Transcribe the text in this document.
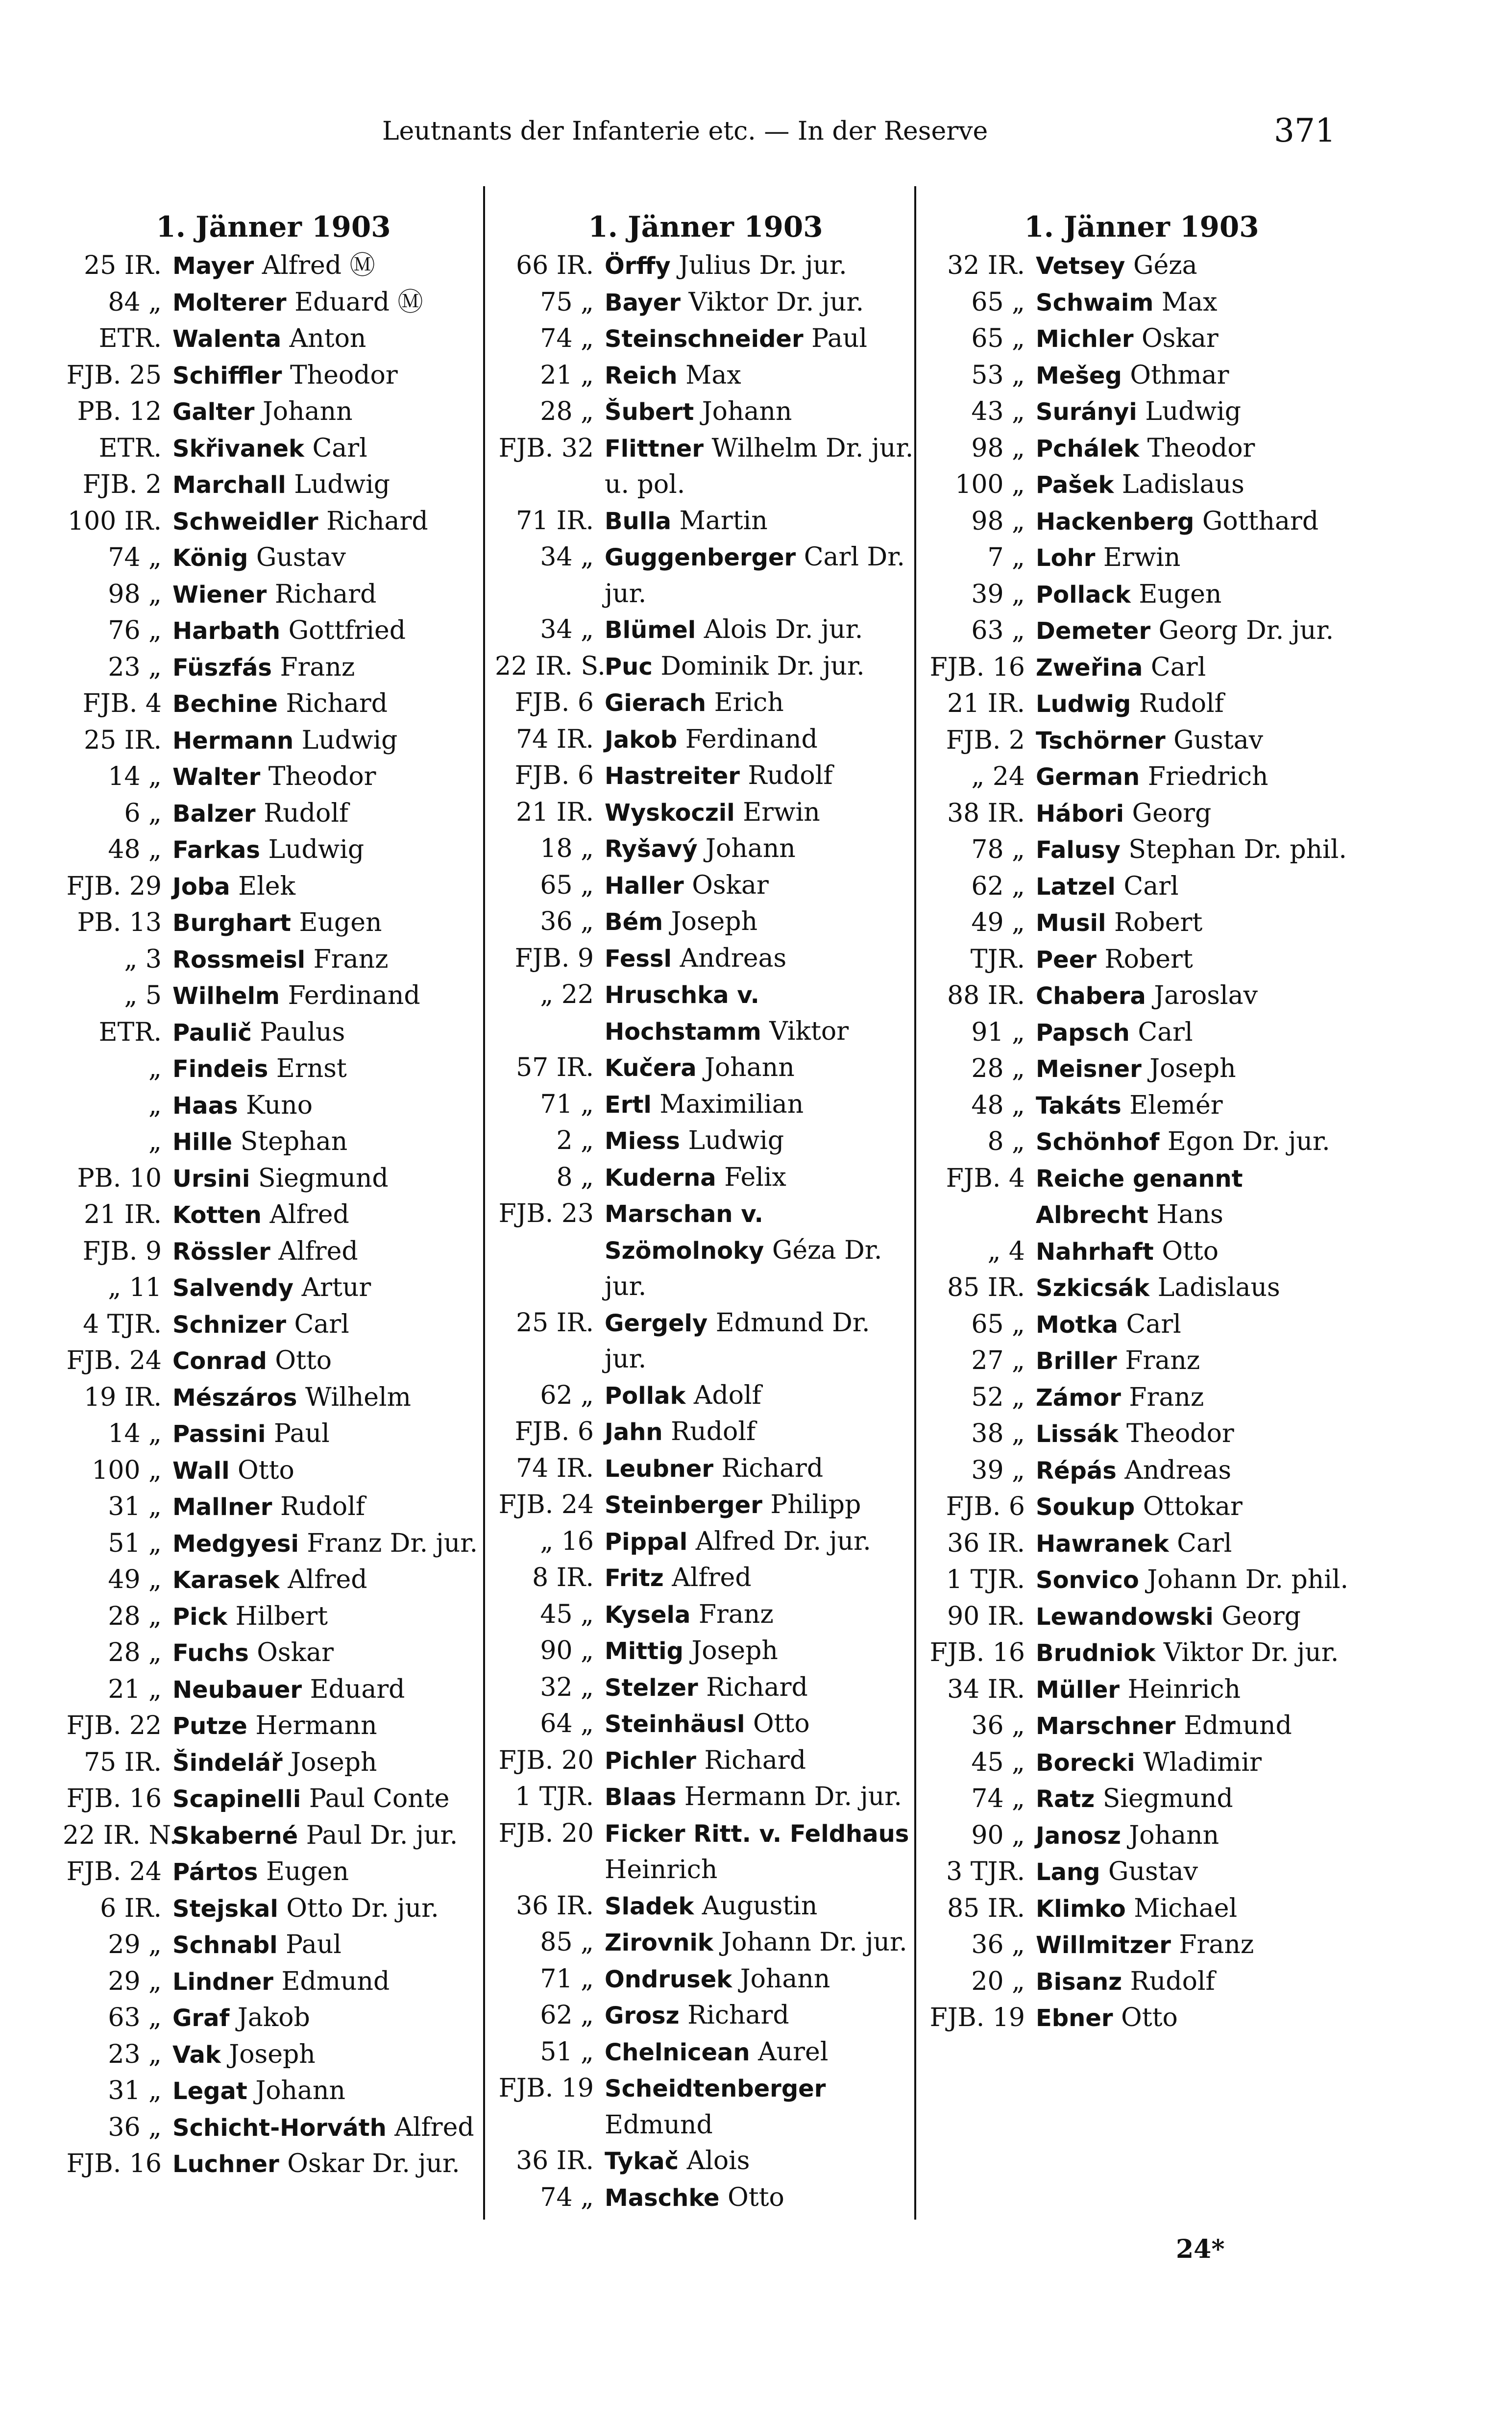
Leutnants der Infanterie etc. — In der Reserve	371
1. Jänner 1903
25 IR. Mayer Alfred Ⓜ
84 „ Molterer Eduard Ⓜ
ETR. Walenta Anton
FJB. 25 Schiffler Theodor
PB. 12 Galter Johann
ETR. Skřivanek Carl
FJB. 2 Marchall Ludwig
100 IR. Schweidler Richard
74 „ König Gustav
98 „ Wiener Richard
76 „ Harbath Gottfried
23 „ Füszfás Franz
FJB. 4 Bechine Richard
25 IR. Hermann Ludwig
14 „ Walter Theodor
6 „ Balzer Rudolf
48 „ Farkas Ludwig
FJB. 29 Joba Elek
PB. 13 Burghart Eugen
„ 3 Rossmeisl Franz
„ 5 Wilhelm Ferdinand
ETR. Paulič Paulus
„ Findeis Ernst
„ Haas Kuno
„ Hille Stephan
PB. 10 Ursini Siegmund
21 IR. Kotten Alfred
FJB. 9 Rössler Alfred
„ 11 Salvendy Artur
4 TJR. Schnizer Carl
FJB. 24 Conrad Otto
19 IR. Mészáros Wilhelm
14 „ Passini Paul
100 „ Wall Otto
31 „ Mallner Rudolf
51 „ Medgyesi Franz Dr. jur.
49 „ Karasek Alfred
28 „ Pick Hilbert
28 „ Fuchs Oskar
21 „ Neubauer Eduard
FJB. 22 Putze Hermann
75 IR. Šindelář Joseph
FJB. 16 Scapinelli Paul Conte
22 IR. N.
Skaberné Paul Dr. jur.
FJB. 24 Pártos Eugen
6 IR. Stejskal Otto Dr. jur.
29 „ Schnabl Paul
29 „ Lindner Edmund
63 „ Graf Jakob
23 „ Vak Joseph
31 „ Legat Johann
36 „ Schicht-Horváth Alfred
FJB. 16 Luchner Oskar Dr. jur.
1. Jänner 1903
66 IR. Örffy Julius Dr. jur.
75 „ Bayer Viktor Dr. jur.
74 „ Steinschneider Paul
21 „ Reich Max
28 „ Šubert Johann
FJB. 32 Flittner Wilhelm Dr. jur. u. pol.
71 IR. Bulla Martin
34 „ Guggenberger Carl Dr. jur.
34 „ Blümel Alois Dr. jur.
22 IR. S.
Puc Dominik Dr. jur.
FJB. 6 Gierach Erich
74 IR. Jakob Ferdinand
FJB. 6 Hastreiter Rudolf
21 IR. Wyskoczil Erwin
18 „ Ryšavý Johann
65 „ Haller Oskar
36 „ Bém Joseph
FJB. 9 Fessl Andreas
„ 22 Hruschka v. Hochstamm Viktor
57 IR. Kučera Johann
71 „ Ertl Maximilian
2 „ Miess Ludwig
8 „ Kuderna Felix
FJB. 23 Marschan v. Szömolnoky Géza Dr. jur.
25 IR. Gergely Edmund Dr. jur.
62 „ Pollak Adolf
FJB. 6 Jahn Rudolf
74 IR. Leubner Richard
FJB. 24 Steinberger Philipp
„ 16 Pippal Alfred Dr. jur.
8 IR. Fritz Alfred
45 „ Kysela Franz
90 „ Mittig Joseph
32 „ Stelzer Richard
64 „ Steinhäusl Otto
FJB. 20 Pichler Richard
1 TJR. Blaas Hermann Dr. jur.
FJB. 20 Ficker Ritt. v. Feldhaus Heinrich
36 IR. Sladek Augustin
85 „ Zirovnik Johann Dr. jur.
71 „ Ondrusek Johann
62 „ Grosz Richard
51 „ Chelnicean Aurel
FJB. 19 Scheidtenberger Edmund
36 IR. Tykač Alois
74 „ Maschke Otto
1. Jänner 1903
32 IR. Vetsey Géza
65 „ Schwaim Max
65 „ Michler Oskar
53 „ Mešeg Othmar
43 „ Surányi Ludwig
98 „ Pchálek Theodor
100 „ Pašek Ladislaus
98 „ Hackenberg Gotthard
7 „ Lohr Erwin
39 „ Pollack Eugen
63 „ Demeter Georg Dr. jur.
FJB. 16 Zweřina Carl
21 IR. Ludwig Rudolf
FJB. 2 Tschörner Gustav
„ 24 German Friedrich
38 IR. Hábori Georg
78 „ Falusy Stephan Dr. phil.
62 „ Latzel Carl
49 „ Musil Robert
TJR. Peer Robert
88 IR. Chabera Jaroslav
91 „ Papsch Carl
28 „ Meisner Joseph
48 „ Takáts Elemér
8 „ Schönhof Egon Dr. jur.
FJB. 4 Reiche genannt Albrecht Hans
„ 4 Nahrhaft Otto
85 IR. Szkicsák Ladislaus
65 „ Motka Carl
27 „ Briller Franz
52 „ Zámor Franz
38 „ Lissák Theodor
39 „ Répás Andreas
FJB. 6 Soukup Ottokar
36 IR. Hawranek Carl
1 TJR. Sonvico Johann Dr. phil.
90 IR. Lewandowski Georg
FJB. 16 Brudniok Viktor Dr. jur.
34 IR. Müller Heinrich
36 „ Marschner Edmund
45 „ Borecki Wladimir
74 „ Ratz Siegmund
90 „ Janosz Johann
3 TJR. Lang Gustav
85 IR. Klimko Michael
36 „ Willmitzer Franz
20 „ Bisanz Rudolf
FJB. 19 Ebner Otto
24*
